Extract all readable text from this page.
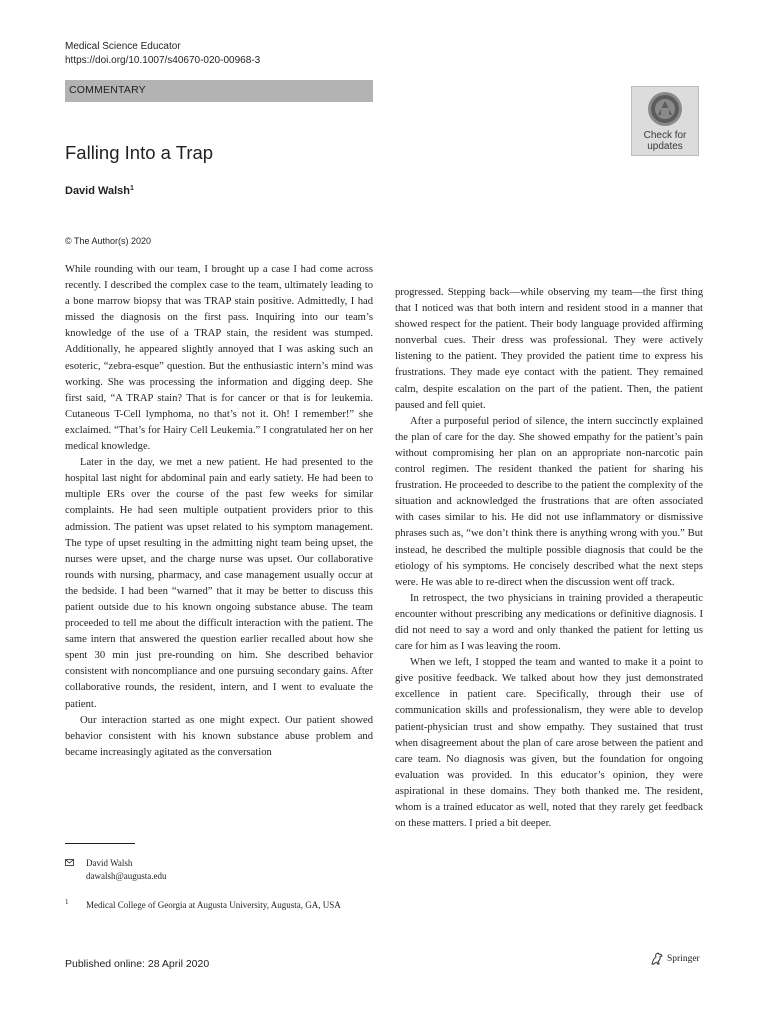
Medical Science Educator
https://doi.org/10.1007/s40670-020-00968-3
COMMENTARY
Check for
updates
Falling Into a Trap
David Walsh$^1$
© The Author(s) 2020

While rounding with our team, I brought up a case I had come across recently. I described the complex case to the team, ultimately leading to a bone marrow biopsy that was TRAP stain positive. Admittedly, I had missed the diagnosis on the first pass. Inquiring into our team’s knowledge of the use of a TRAP stain, the resident was stumped. Additionally, he appeared slightly annoyed that I was asking such an esoteric, “zebra-esque” question. But the enthusiastic intern’s mind was working. She was processing the information and digging deep. She first said, “A TRAP stain? That is for cancer or that is for leukemia. Cutaneous T-Cell lymphoma, no that’s not it. Oh! I remember!” she exclaimed. “That’s for Hairy Cell Leukemia.” I congratulated her on her medical knowledge.

Later in the day, we met a new patient. He had presented to the hospital last night for abdominal pain and early satiety. He had been to multiple ERs over the course of the past few weeks for similar complaints. He had seen multiple outpatient providers prior to this admission. The patient was upset related to his symptom management. The type of upset resulting in the admitting night team being upset, the nurses were upset, and the charge nurse was upset. Our collaborative rounds with nursing, pharmacy, and case management usually occur at the bedside. I had been “warned” that it may be better to discuss this patient outside due to his known ongoing substance abuse. The team proceeded to tell me about the difficult interaction with the patient. The same intern that answered the question earlier recalled about how she spent 30 min just pre-rounding on him. She described behavior consistent with noncompliance and one pursuing secondary gains. After collaborative rounds, the resident, intern, and I went to evaluate the patient.

Our interaction started as one might expect. Our patient showed behavior consistent with his known substance abuse problem and became increasingly agitated as the conversation

progressed. Stepping back—while observing my team—the first thing that I noticed was that both intern and resident stood in a manner that showed respect for the patient. Their body language provided affirming nonverbal cues. Their dress was professional. They were actively listening to the patient. They provided the patient time to express his frustrations. They made eye contact with the patient. They remained calm, despite escalation on the part of the patient. Then, the patient paused and fell quiet.

After a purposeful period of silence, the intern succinctly explained the plan of care for the day. She showed empathy for the patient’s pain without compromising her plan on an appropriate non-narcotic pain control regimen. The resident thanked the patient for sharing his frustration. He proceeded to describe to the patient the complexity of the situation and acknowledged the frustrations that are often associated with cases similar to his. He did not use inflammatory or dismissive phrases such as, “we don’t think there is anything wrong with you.” But instead, he described the multiple possible diagnosis that could be the etiology of his symptoms. He concisely described what the next steps were. He was able to re-direct when the discussion went off track.

In retrospect, the two physicians in training provided a therapeutic encounter without prescribing any medications or definitive diagnosis. I did not need to say a word and only thanked the patient for letting us care for him as I was leaving the room.

When we left, I stopped the team and wanted to make it a point to give positive feedback. We talked about how they just demonstrated excellence in patient care. Specifically, through their use of communication skills and professionalism, they were able to develop patient-physician trust and show empathy. They sustained that trust when disagreement about the plan of care arose between the patient and care team. No diagnosis was given, but the foundation for ongoing evaluation was provided. In this educator’s opinion, they were aspirational in these domains. They both thanked me. The resident, whom is a trained educator as well, noted that they rarely get feedback on these matters. I pried a bit deeper.

David Walsh
dawalsh@augusta.edu
1 Medical College of Georgia at Augusta University, Augusta, GA, USA
Published online: 28 April 2020	Springer
